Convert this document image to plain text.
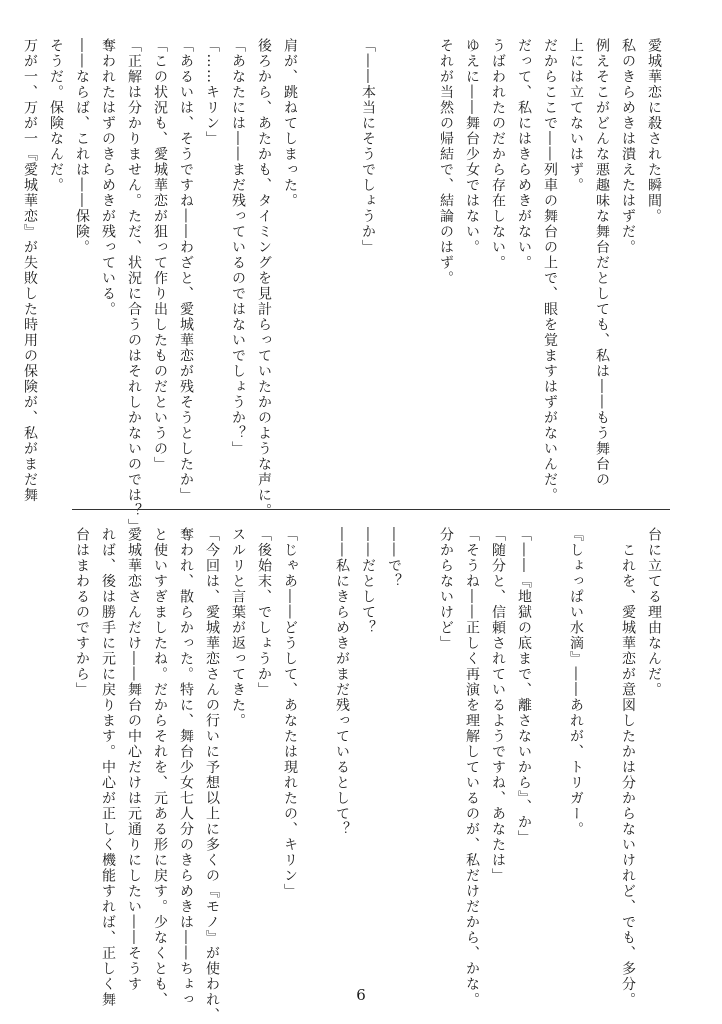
愛城華恋に殺された瞬間。
私のきらめきは潰えたはずだ。
例えそこがどんな悪趣味な舞台だとしても、私は――もう舞台の
上には立てないはず。
だからここで――列車の舞台の上で、眼を覚ますはずがないんだ。
だって、私にはきらめきがない。
うばわれたのだから存在しない。
ゆえに――舞台少女ではない。
それが当然の帰結で、結論のはず。

「――本当にそうでしょうか」

肩が、跳ねてしまった。
後ろから、あたかも、タイミングを見計らっていたかのような声に。
「あなたには――まだ残っているのではないでしょうか？」
「……キリン」
「あるいは、そうですね――わざと、愛城華恋が残そうとしたか」
「この状況も、愛城華恋が狙って作り出したものだというの」
「正解は分かりません。ただ、状況に合うのはそれしかないのでは？」
奪われたはずのきらめきが残っている。
――ならば、これは――保険。
そうだ。保険なんだ。
万が一、万が一『愛城華恋』が失敗した時用の保険が、私がまだ舞
台に立てる理由なんだ。
　これを、愛城華恋が意図したかは分からないけれど、でも、多分。

『しょっぱい水滴』――あれが、トリガー。

「――『地獄の底まで、離さないから』、か」
「随分と、信頼されているようですね、あなたは」
「そうね――正しく再演を理解しているのが、私だけだから、かな。
分からないけど」

――で？
――だとして？
――私にきらめきがまだ残っているとして？

「じゃあ――どうして、あなたは現れたの、キリン」
「後始末、でしょうか」
スルリと言葉が返ってきた。
「今回は、愛城華恋さんの行いに予想以上に多くの『モノ』が使われ、
奪われ、散らかった。特に、舞台少女七人分のきらめきは――ちょっ
と使いすぎましたね。だからそれを、元ある形に戻す。少なくとも、
愛城華恋さんだけ――舞台の中心だけは元通りにしたい――そうす
れば、後は勝手に元に戻ります。中心が正しく機能すれば、正しく舞
台はまわるのですから」
6
